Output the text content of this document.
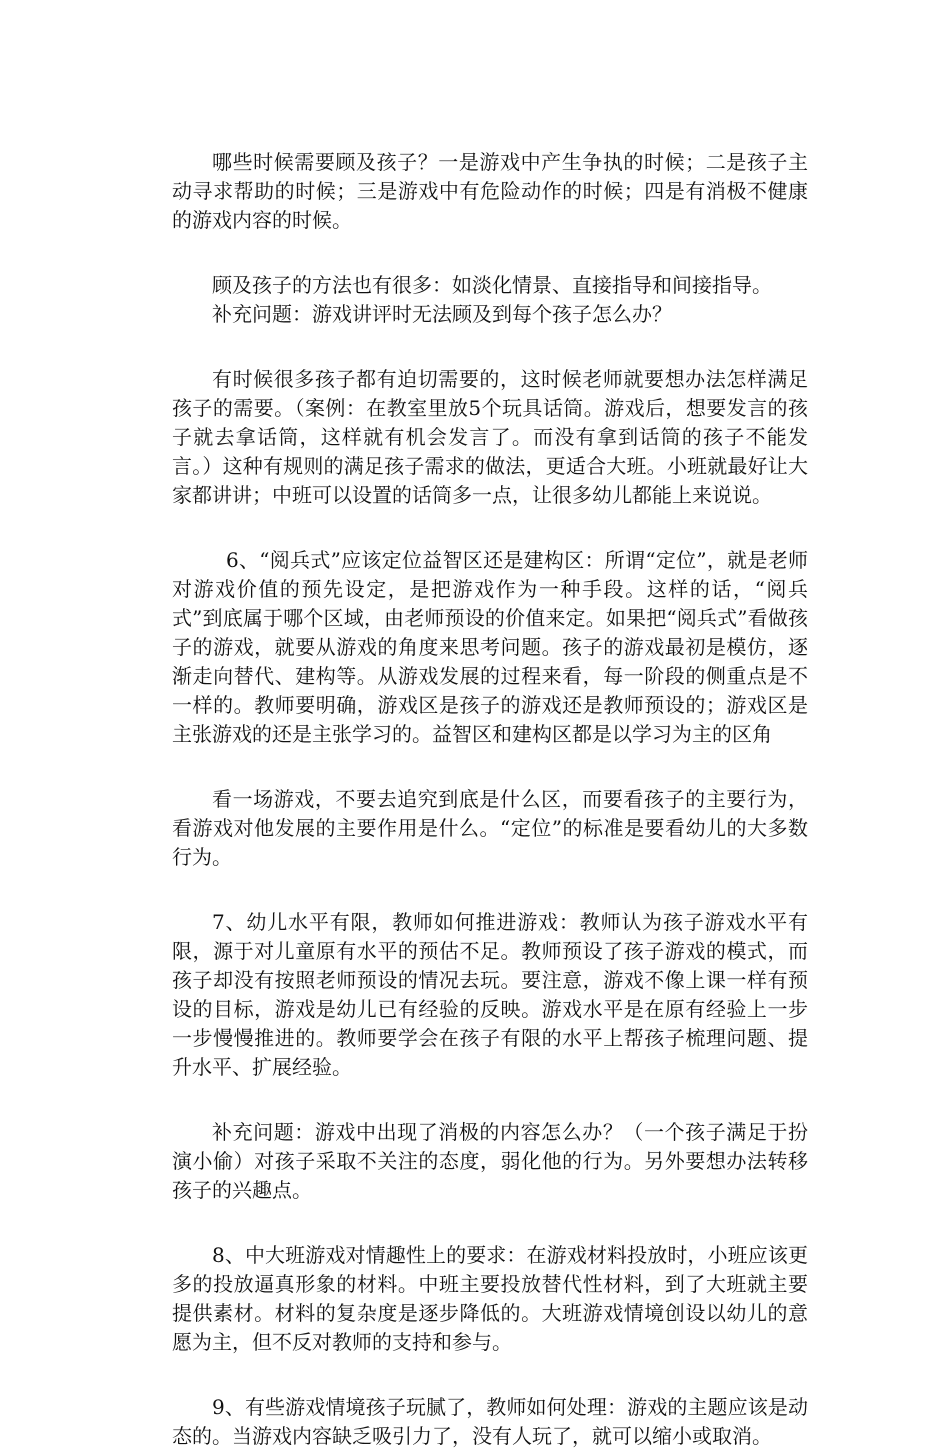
哪些时候需要顾及孩子？一是游戏中产生争执的时候；二是孩子主动寻求帮助的时候；三是游戏中有危险动作的时候；四是有消极不健康的游戏内容的时候。

顾及孩子的方法也有很多：如淡化情景、直接指导和间接指导。

补充问题：游戏讲评时无法顾及到每个孩子怎么办？

有时候很多孩子都有迫切需要的，这时候老师就要想办法怎样满足孩子的需要。（案例：在教室里放5个玩具话筒。游戏后，想要发言的孩子就去拿话筒，这样就有机会发言了。而没有拿到话筒的孩子不能发言。）这种有规则的满足孩子需求的做法，更适合大班。小班就最好让大家都讲讲；中班可以设置的话筒多一点，让很多幼儿都能上来说说。

6、“阅兵式”应该定位益智区还是建构区：所谓“定位”，就是老师对游戏价值的预先设定，是把游戏作为一种手段。这样的话，“阅兵式”到底属于哪个区域，由老师预设的价值来定。如果把“阅兵式”看做孩子的游戏，就要从游戏的角度来思考问题。孩子的游戏最初是模仿，逐渐走向替代、建构等。从游戏发展的过程来看，每一阶段的侧重点是不一样的。教师要明确，游戏区是孩子的游戏还是教师预设的；游戏区是主张游戏的还是主张学习的。益智区和建构区都是以学习为主的区角

看一场游戏，不要去追究到底是什么区，而要看孩子的主要行为，看游戏对他发展的主要作用是什么。“定位”的标准是要看幼儿的大多数行为。

7、幼儿水平有限，教师如何推进游戏：教师认为孩子游戏水平有限，源于对儿童原有水平的预估不足。教师预设了孩子游戏的模式，而孩子却没有按照老师预设的情况去玩。要注意，游戏不像上课一样有预设的目标，游戏是幼儿已有经验的反映。游戏水平是在原有经验上一步一步慢慢推进的。教师要学会在孩子有限的水平上帮孩子梳理问题、提升水平、扩展经验。

补充问题：游戏中出现了消极的内容怎么办？（一个孩子满足于扮演小偷）对孩子采取不关注的态度，弱化他的行为。另外要想办法转移孩子的兴趣点。

8、中大班游戏对情趣性上的要求：在游戏材料投放时，小班应该更多的投放逼真形象的材料。中班主要投放替代性材料，到了大班就主要提供素材。材料的复杂度是逐步降低的。大班游戏情境创设以幼儿的意愿为主，但不反对教师的支持和参与。

9、有些游戏情境孩子玩腻了，教师如何处理：游戏的主题应该是动态的。当游戏内容缺乏吸引力了，没有人玩了，就可以缩小或取消。
